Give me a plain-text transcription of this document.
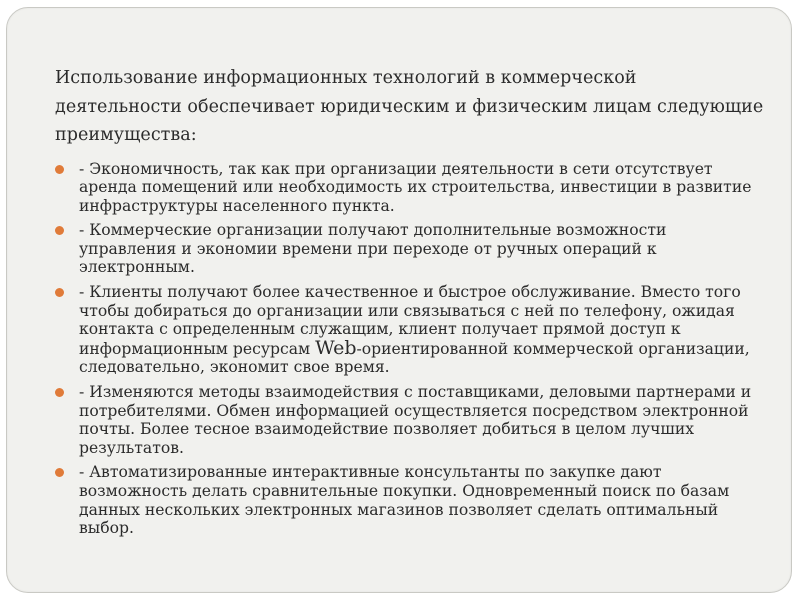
Использование информационных технологий в коммерческой деятельности обеспечивает юридическим и физическим лицам следующие преимущества:

- Экономичность, так как при организации деятельности в сети отсутствует аренда помещений или необходимость их строительства, инвестиции в развитие инфраструктуры населенного пункта.
- Коммерческие организации получают дополнительные возможности управления и экономии времени при переходе от ручных операций к электронным.
- Клиенты получают более качественное и быстрое обслуживание. Вместо того чтобы добираться до организации или связываться с ней по телефону, ожидая контакта с определенным служащим, клиент получает прямой доступ к информационным ресурсам Web-ориентированной коммерческой организации, следовательно, экономит свое время.
- Изменяются методы взаимодействия с поставщиками, деловыми партнерами и потребителями. Обмен информацией осуществляется посредством электронной почты. Более тесное взаимодействие позволяет добиться в целом лучших результатов.
- Автоматизированные интерактивные консультанты по закупке дают возможность делать сравнительные покупки. Одновременный поиск по базам данных нескольких электронных магазинов позволяет сделать оптимальный выбор.
